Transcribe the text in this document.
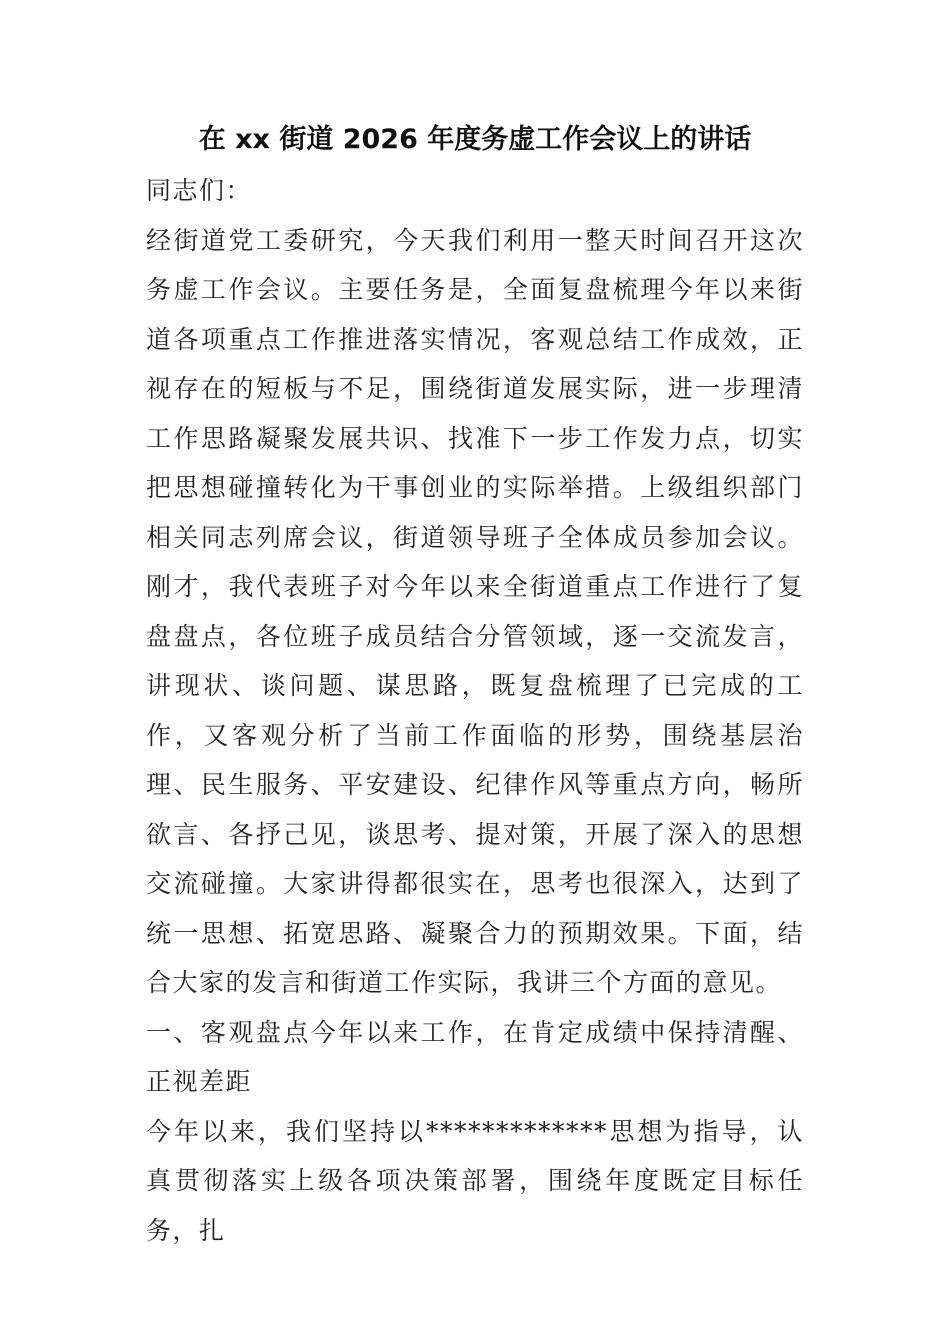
在 xx 街道 2026 年度务虚工作会议上的讲话

同志们：

经街道党工委研究，今天我们利用一整天时间召开这次务虚工作会议。主要任务是，全面复盘梳理今年以来街道各项重点工作推进落实情况，客观总结工作成效，正视存在的短板与不足，围绕街道发展实际，进一步理清工作思路凝聚发展共识、找准下一步工作发力点，切实把思想碰撞转化为干事创业的实际举措。上级组织部门相关同志列席会议，街道领导班子全体成员参加会议。刚才，我代表班子对今年以来全街道重点工作进行了复盘盘点，各位班子成员结合分管领域，逐一交流发言，讲现状、谈问题、谋思路，既复盘梳理了已完成的工作，又客观分析了当前工作面临的形势，围绕基层治理、民生服务、平安建设、纪律作风等重点方向，畅所欲言、各抒己见，谈思考、提对策，开展了深入的思想交流碰撞。大家讲得都很实在，思考也很深入，达到了统一思想、拓宽思路、凝聚合力的预期效果。下面，结合大家的发言和街道工作实际，我讲三个方面的意见。

一、客观盘点今年以来工作，在肯定成绩中保持清醒、正视差距

今年以来，我们坚持以*************思想为指导，认真贯彻落实上级各项决策部署，围绕年度既定目标任务，扎
